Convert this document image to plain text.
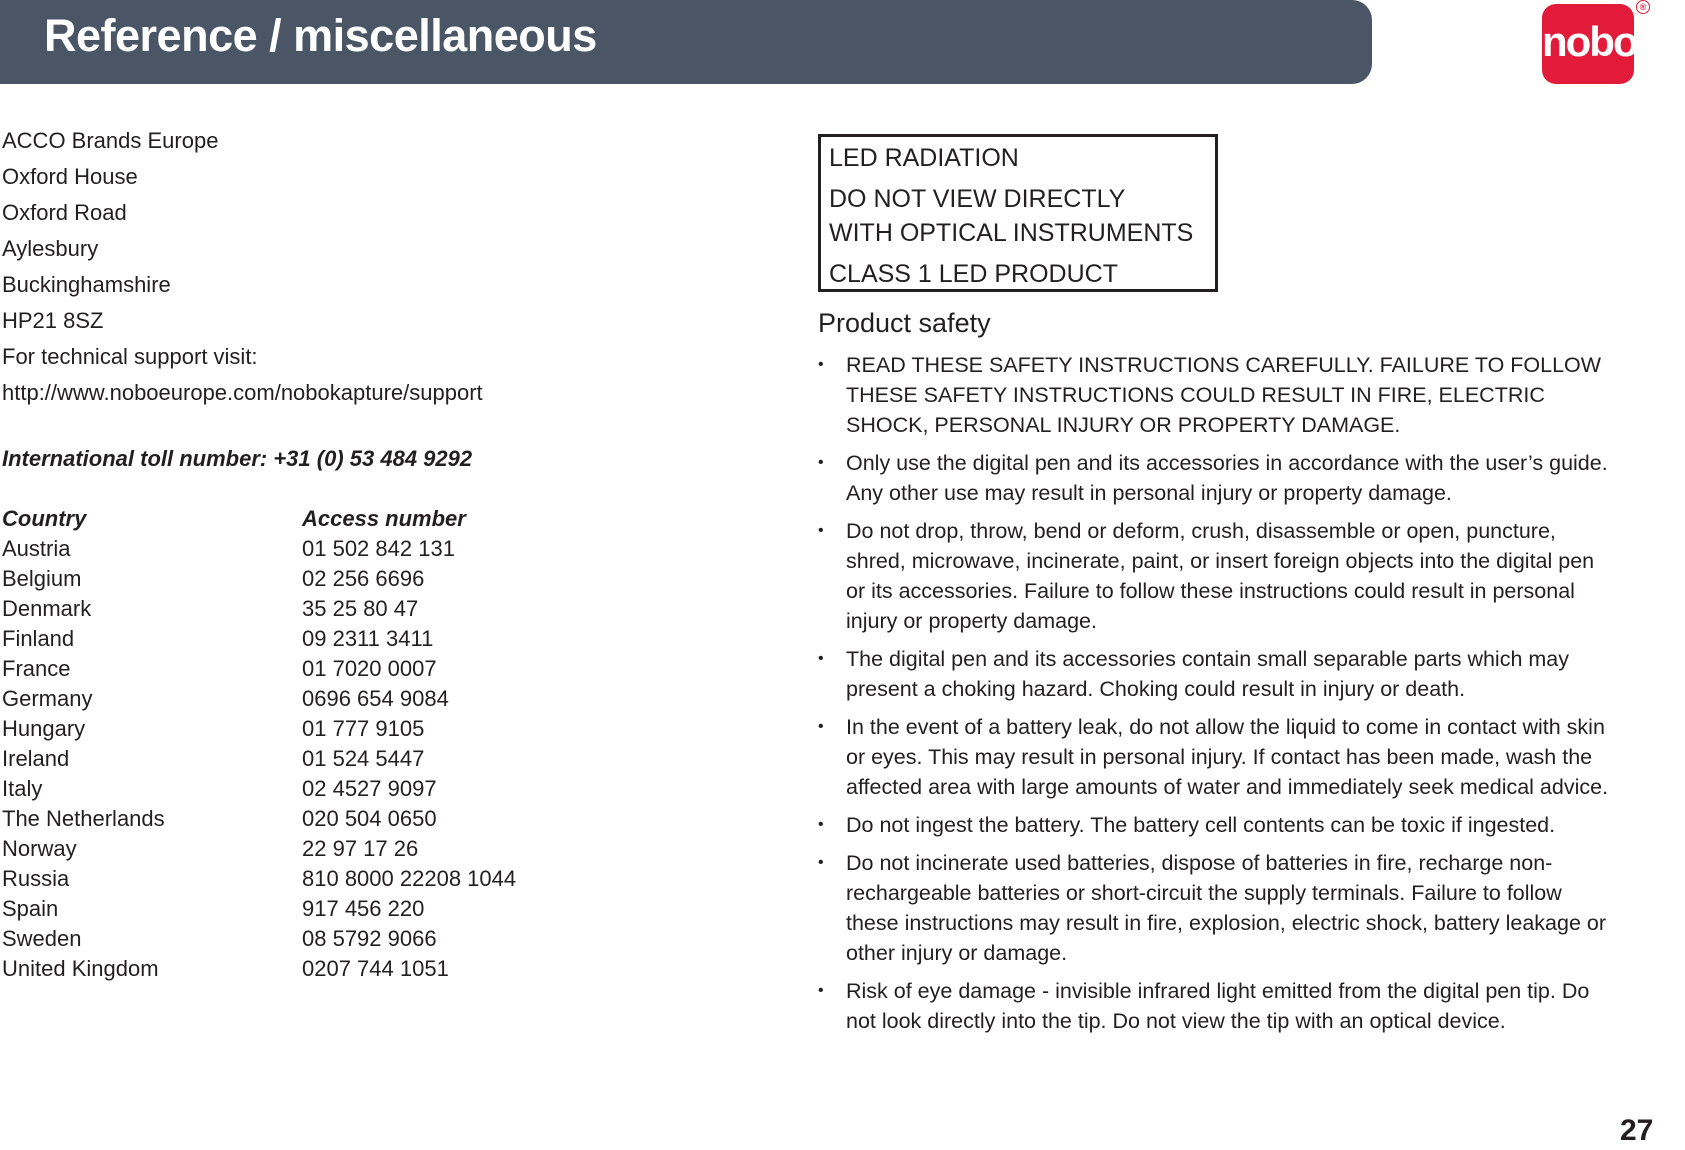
Reference / miscellaneous	nobo
®
ACCO Brands Europe
Oxford House
Oxford Road
Aylesbury
Buckinghamshire
HP21 8SZ
For technical support visit:
http://www.noboeurope.com/nobokapture/support
International toll number: +31 (0) 53 484 9292
Country	Access number
Austria	01 502 842 131
Belgium	02 256 6696
Denmark	35 25 80 47
Finland	09 2311 3411
France	01 7020 0007
Germany	0696 654 9084
Hungary	01 777 9105
Ireland	01 524 5447
Italy	02 4527 9097
The Netherlands	020 504 0650
Norway	22 97 17 26
Russia	810 8000 22208 1044
Spain	917 456 220
Sweden	08 5792 9066
United Kingdom	0207 744 1051
LED RADIATION
DO NOT VIEW DIRECTLY
WITH OPTICAL INSTRUMENTS
CLASS 1 LED PRODUCT
Product safety
• READ THESE SAFETY INSTRUCTIONS CAREFULLY. FAILURE TO FOLLOW THESE SAFETY INSTRUCTIONS COULD RESULT IN FIRE, ELECTRIC SHOCK, PERSONAL INJURY OR PROPERTY DAMAGE.
• Only use the digital pen and its accessories in accordance with the user’s guide. Any other use may result in personal injury or property damage.
• Do not drop, throw, bend or deform, crush, disassemble or open, puncture, shred, microwave, incinerate, paint, or insert foreign objects into the digital pen or its accessories. Failure to follow these instructions could result in personal injury or property damage.
• The digital pen and its accessories contain small separable parts which may present a choking hazard. Choking could result in injury or death.
• In the event of a battery leak, do not allow the liquid to come in contact with skin or eyes. This may result in personal injury. If contact has been made, wash the affected area with large amounts of water and immediately seek medical advice.
• Do not ingest the battery. The battery cell contents can be toxic if ingested.
• Do not incinerate used batteries, dispose of batteries in fire, recharge non-rechargeable batteries or short-circuit the supply terminals. Failure to follow these instructions may result in fire, explosion, electric shock, battery leakage or other injury or damage.
• Risk of eye damage - invisible infrared light emitted from the digital pen tip. Do not look directly into the tip. Do not view the tip with an optical device.
27
